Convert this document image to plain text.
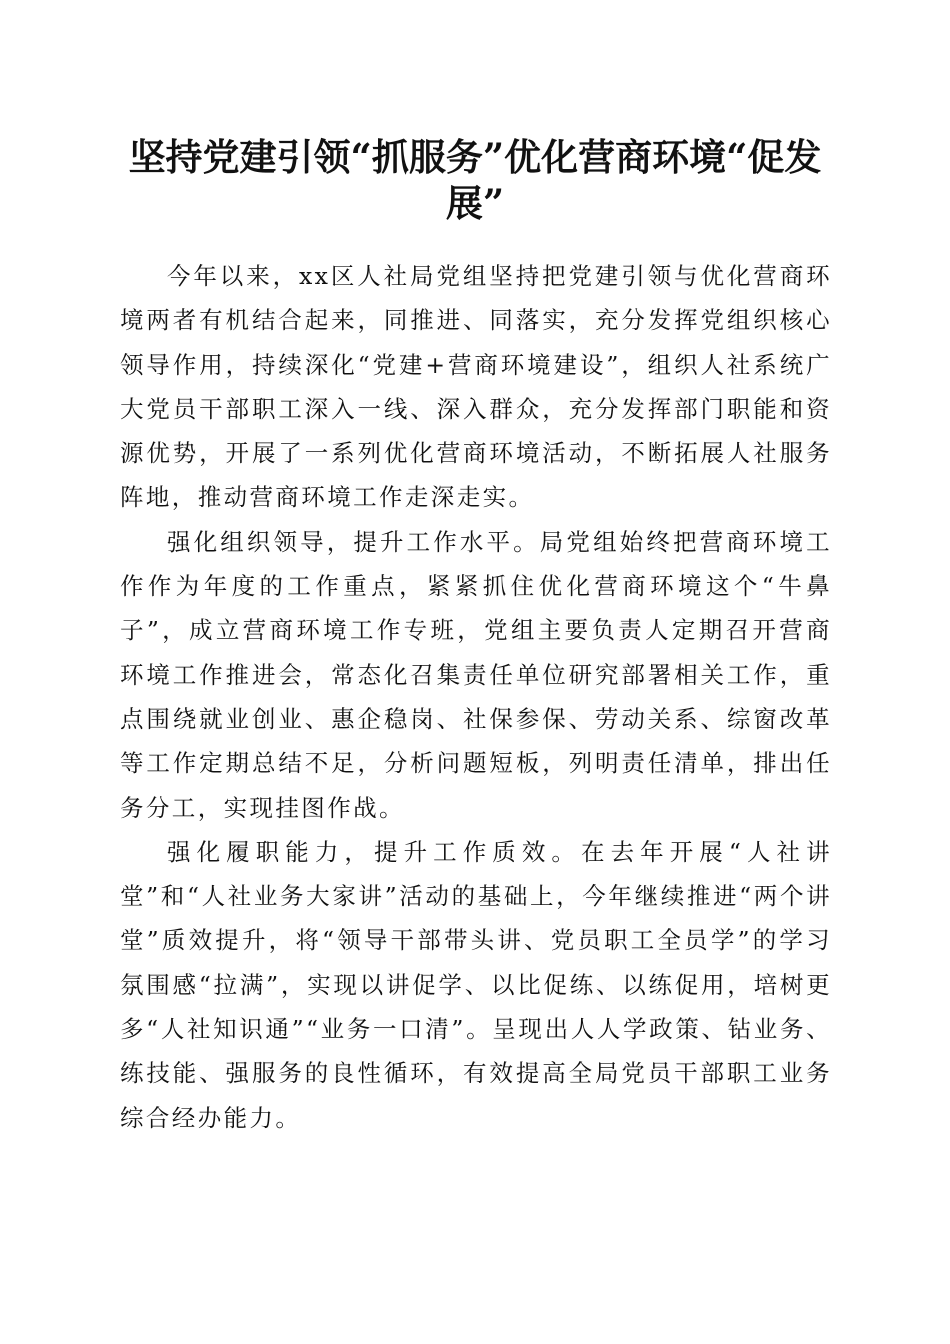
坚持党建引领“抓服务”优化营商环境“促发展”

今年以来，xx区人社局党组坚持把党建引领与优化营商环境两者有机结合起来，同推进、同落实，充分发挥党组织核心领导作用，持续深化“党建+营商环境建设”，组织人社系统广大党员干部职工深入一线、深入群众，充分发挥部门职能和资源优势，开展了一系列优化营商环境活动，不断拓展人社服务阵地，推动营商环境工作走深走实。

强化组织领导，提升工作水平。局党组始终把营商环境工作作为年度的工作重点，紧紧抓住优化营商环境这个“牛鼻子”，成立营商环境工作专班，党组主要负责人定期召开营商环境工作推进会，常态化召集责任单位研究部署相关工作，重点围绕就业创业、惠企稳岗、社保参保、劳动关系、综窗改革等工作定期总结不足，分析问题短板，列明责任清单，排出任务分工，实现挂图作战。

强化履职能力，提升工作质效。在去年开展“人社讲堂”和“人社业务大家讲”活动的基础上，今年继续推进“两个讲堂”质效提升，将“领导干部带头讲、党员职工全员学”的学习氛围感“拉满”，实现以讲促学、以比促练、以练促用，培树更多“人社知识通”“业务一口清”。呈现出人人学政策、钻业务、练技能、强服务的良性循环，有效提高全局党员干部职工业务综合经办能力。
